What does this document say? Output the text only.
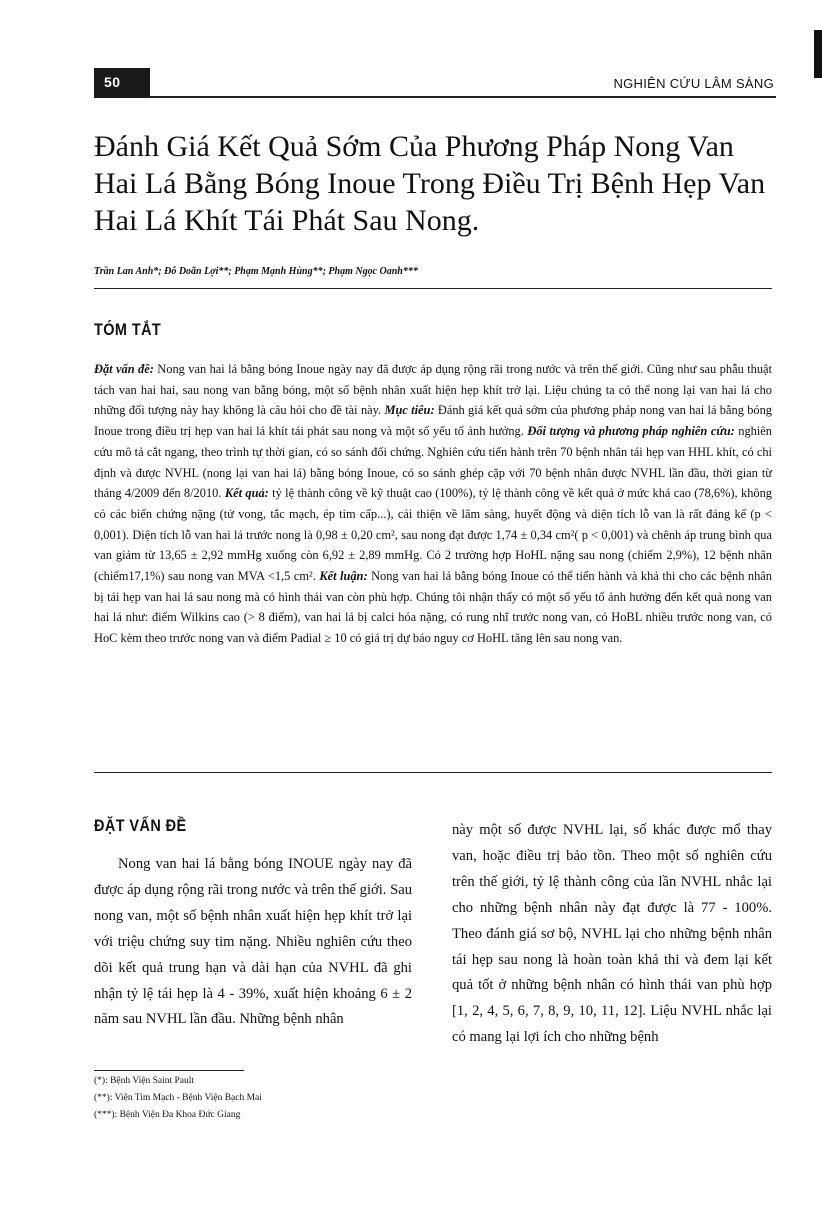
50	NGHIÊN CỨU LÂM SÀNG
Đánh Giá Kết Quả Sớm Của Phương Pháp Nong Van Hai Lá Bằng Bóng Inoue Trong Điều Trị Bệnh Hẹp Van Hai Lá Khít Tái Phát Sau Nong.
Trần Lan Anh*; Đỗ Doãn Lợi**; Phạm Mạnh Hùng**; Phạm Ngọc Oanh***
TÓM TẮT

Đặt vấn đề: Nong van hai lá bằng bóng Inoue ngày nay đã được áp dụng rộng rãi trong nước và trên thế giới. Cũng như sau phẫu thuật tách van hai hai, sau nong van bằng bóng, một số bệnh nhân xuất hiện hẹp khít trở lại. Liệu chúng ta có thể nong lại van hai lá cho những đối tượng này hay không là câu hỏi cho đề tài này. Mục tiêu: Đánh giá kết quả sớm của phương pháp nong van hai lá bằng bóng Inoue trong điều trị hẹp van hai lá khít tái phát sau nong và một số yếu tố ảnh hưởng. Đối tượng và phương pháp nghiên cứu: nghiên cứu mô tả cắt ngang, theo trình tự thời gian, có so sánh đối chứng. Nghiên cứu tiến hành trên 70 bệnh nhân tái hẹp van HHL khít, có chỉ định và được NVHL (nong lại van hai lá) bằng bóng Inoue, có so sánh ghép cặp với 70 bệnh nhân được NVHL lần đầu, thời gian từ tháng 4/2009 đến 8/2010. Kết quả: tỷ lệ thành công về kỹ thuật cao (100%), tỷ lệ thành công về kết quả ở mức khá cao (78,6%), không có các biến chứng nặng (tử vong, tắc mạch, ép tim cấp...), cải thiện về lâm sàng, huyết động và diện tích lỗ van là rất đáng kể (p < 0,001). Diện tích lỗ van hai lá trước nong là 0,98 ± 0,20 cm², sau nong đạt được 1,74 ± 0,34 cm²( p < 0,001) và chênh áp trung bình qua van giảm từ 13,65 ± 2,92 mmHg xuống còn 6,92 ± 2,89 mmHg. Có 2 trường hợp HoHL nặng sau nong (chiếm 2,9%), 12 bệnh nhân (chiếm17,1%) sau nong van MVA <1,5 cm². Kết luận: Nong van hai lá bằng bóng Inoue có thể tiến hành và khả thi cho các bệnh nhân bị tái hẹp van hai lá sau nong mà có hình thái van còn phù hợp. Chúng tôi nhận thấy có một số yếu tố ảnh hưởng đến kết quả nong van hai lá như: điểm Wilkins cao (> 8 điểm), van hai lá bị calci hóa nặng, có rung nhĩ trước nong van, có HoBL nhiều trước nong van, có HoC kèm theo trước nong van và điểm Padial ≥ 10 có giá trị dự báo nguy cơ HoHL tăng lên sau nong van.

ĐẶT VẤN ĐỀ

Nong van hai lá bằng bóng INOUE ngày nay đã được áp dụng rộng rãi trong nước và trên thế giới. Sau nong van, một số bệnh nhân xuất hiện hẹp khít trở lại với triệu chứng suy tim nặng. Nhiều nghiên cứu theo dõi kết quả trung hạn và dài hạn của NVHL đã ghi nhận tỷ lệ tái hẹp là 4 - 39%, xuất hiện khoảng 6 ± 2 năm sau NVHL lần đầu. Những bệnh nhân

này một số được NVHL lại, số khác được mổ thay van, hoặc điều trị bảo tồn. Theo một số nghiên cứu trên thế giới, tỷ lệ thành công của lần NVHL nhắc lại cho những bệnh nhân này đạt được là 77 - 100%. Theo đánh giá sơ bộ, NVHL lại cho những bệnh nhân tái hẹp sau nong là hoàn toàn khả thi và đem lại kết quả tốt ở những bệnh nhân có hình thái van phù hợp [1, 2, 4, 5, 6, 7, 8, 9, 10, 11, 12]. Liệu NVHL nhắc lại có mang lại lợi ích cho những bệnh

(*): Bệnh Viện Saint Pault
(**): Viện Tim Mạch - Bệnh Viện Bạch Mai
(***): Bệnh Viện Đa Khoa Đức Giang
